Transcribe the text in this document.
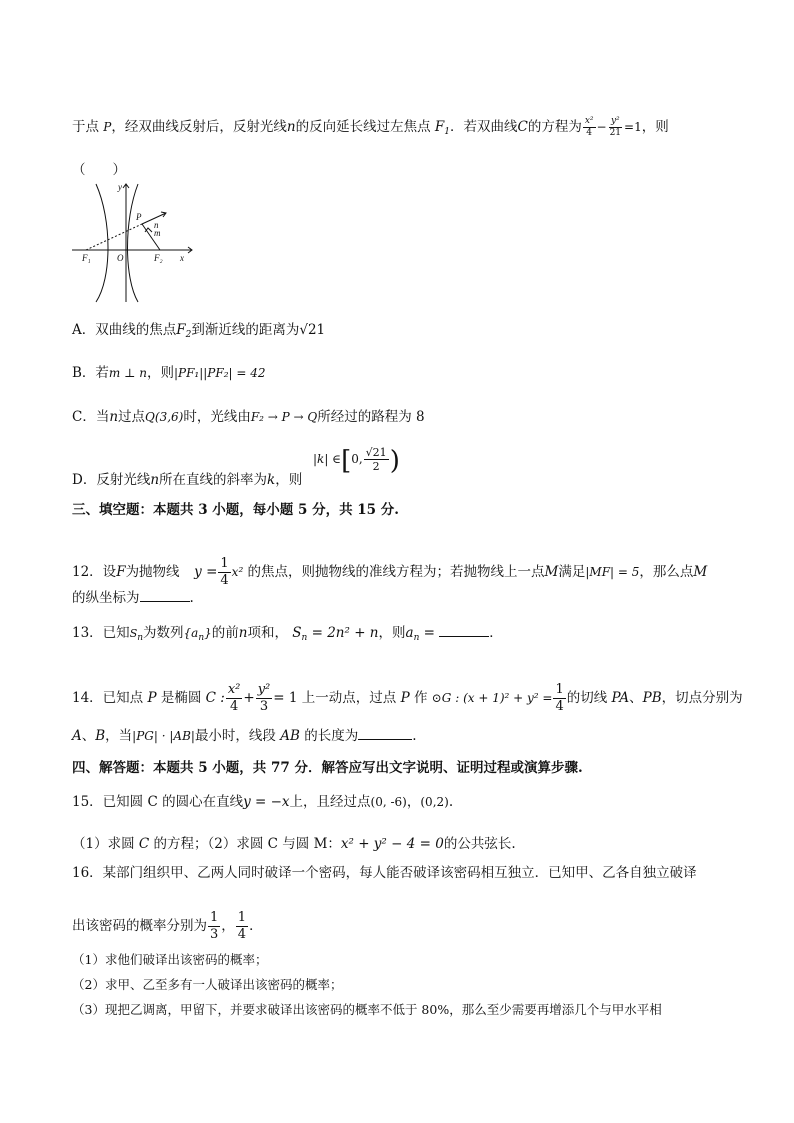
于点 P，经双曲线反射后，反射光线n的反向延长线过左焦点 $F_1$．若双曲线C的方程为 $\frac{\text{x²}}{4} - \frac{\text{y²}}{21} =1$，则
（　　）
y
x
O
F₁	F₂
P
n
m
A．双曲线的焦点$F_2$到渐近线的距离为√21
B．若m ⊥ n，则|PF₁||PF₂| = 42
C．当n过点Q(3,6)时，光线由F₂ → P → Q所经过的路程为 8
D．反射光线n所在直线的斜率为k，则
|k| ∈[0, $\frac{√21}{2}$ )
三、填空题：本题共 3 小题，每小题 5 分，共 15 分.
12．设F为抛物线 $y = \frac{1}{4} x^2$ 的焦点，则抛物线的准线方程为；若抛物线上一点M满足|MF| = 5，那么点M
的纵坐标为	.
13．已知$S_n$为数列$\{a_n\}$的前n项和， $S_n = 2n^2 + n$，则$a_n$ =	．
14．已知点 P 是椭圆 C : $\frac{\text{x²}}{4} + \frac{\text{y²}}{3} = 1$ 上一动点，过点 P 作 ⊙G : $(x + 1)^2 + y^2 = \frac{1}{4}$ 的切线 PA、PB，切点分别为
A、B，当|PG| · |AB|最小时，线段 AB 的长度为	.
四、解答题：本题共 5 小题，共 77 分．解答应写出文字说明、证明过程或演算步骤.
15．已知圆 C 的圆心在直线y = −x上，且经过点(0, -6)，(0,2).
（1）求圆 C 的方程；（2）求圆 C 与圆 M：x² + y² − 4 = 0的公共弦长.
16．某部门组织甲、乙两人同时破译一个密码，每人能否破译该密码相互独立．已知甲、乙各自独立破译
出该密码的概率分别为 $\frac{1}{3}$ ， $\frac{1}{4}$ ．
（1）求他们破译出该密码的概率；
（2）求甲、乙至多有一人破译出该密码的概率；
（3）现把乙调离，甲留下，并要求破译出该密码的概率不低于 80%，那么至少需要再增添几个与甲水平相
